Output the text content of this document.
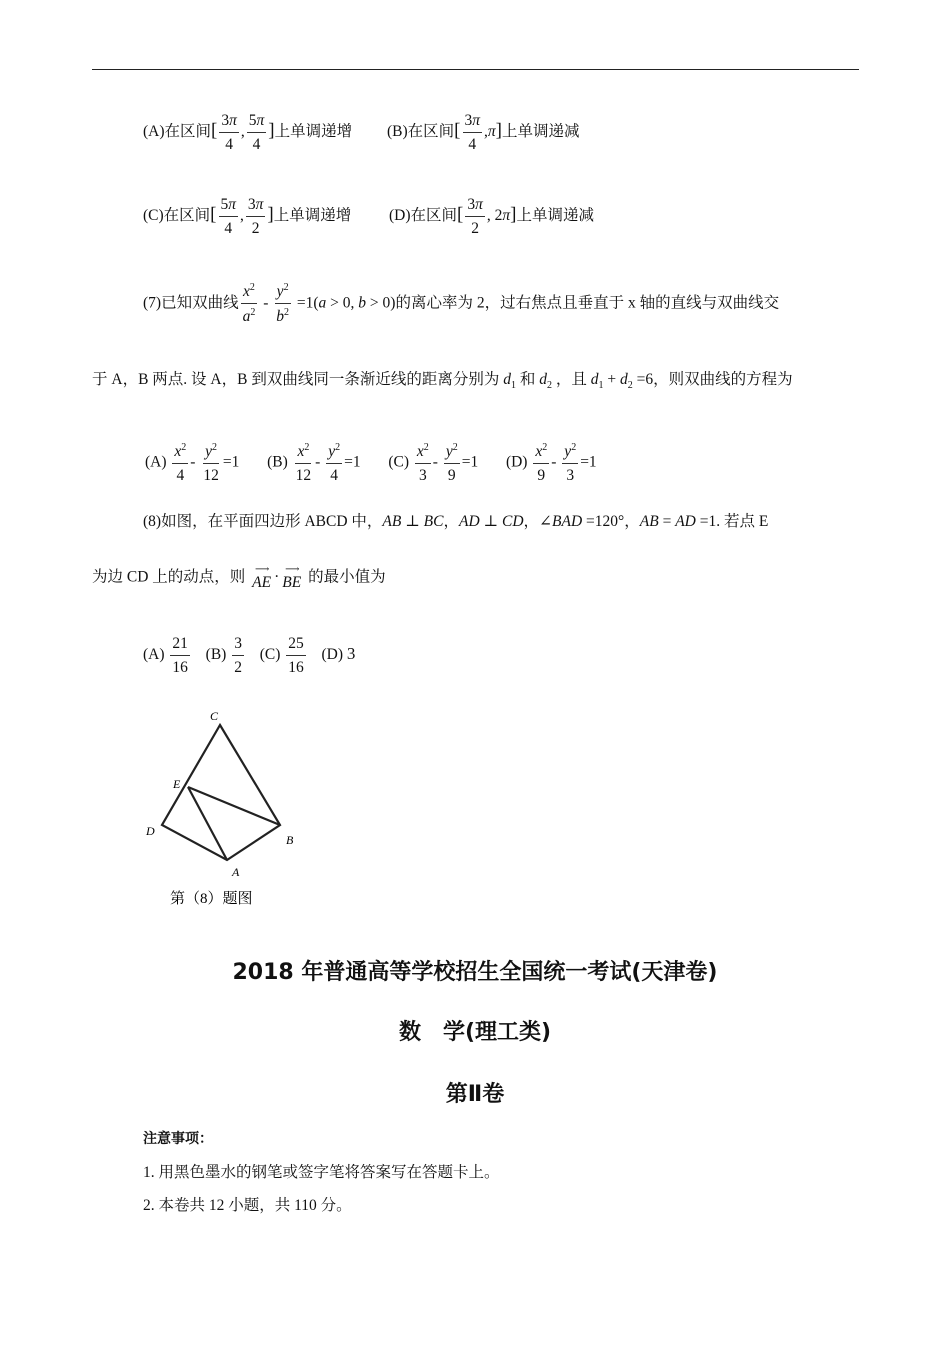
(A)在区间[ $\frac{3\pi}{4}$ , $\frac{5\pi}{4}$ ]上单调递增 (B)在区间[ $\frac{3\pi}{4} ,\pi$]上单调递减
(C)在区间[ $\frac{5\pi}{4}$ , $\frac{3\pi}{2}$ ]上单调递增 (D)在区间[ $\frac{3\pi}{2}$ , 2π]上单调递减
(7)已知双曲线 $\frac{x^2}{a^2} - \frac{y^2}{b^2} =1(a > 0$, b > 0)的离心率为 2，过右焦点且垂直于 x 轴的直线与双曲线交
于 A，B 两点. 设 A，B 到双曲线同一条渐近线的距离分别为 $d_1$ 和 $d_2$ ，且 $d_1 + d_2 =6$，则双曲线的方程为
$(A) \frac{x^2}{4} - \frac{y^2}{12} =1$  $(B) \frac{x^2}{12} - \frac{y^2}{4} =1$  $(C) \frac{x^2}{3} - \frac{y^2}{9} =1$  $(D) \frac{x^2}{9} - \frac{y^2}{3} =1$
(8)如图，在平面四边形 ABCD 中，AB ⊥ BC，AD ⊥ CD，∠BAD =120°，AB = AD =1. 若点 E
为边 CD 上的动点，则 ⟶
AE · ⟶
BE 的最小值为
$(A) \frac{21}{16} (B) \frac{3}{2} (C) \frac{25}{16} (D)$ 3
C
E
D
A
B
第（8）题图
2018 年普通高等学校招生全国统一考试(天津卷)
数　学(理工类)
第Ⅱ卷
注意事项：
1. 用黑色墨水的钢笔或签字笔将答案写在答题卡上。
2. 本卷共 12 小题，共 110 分。
